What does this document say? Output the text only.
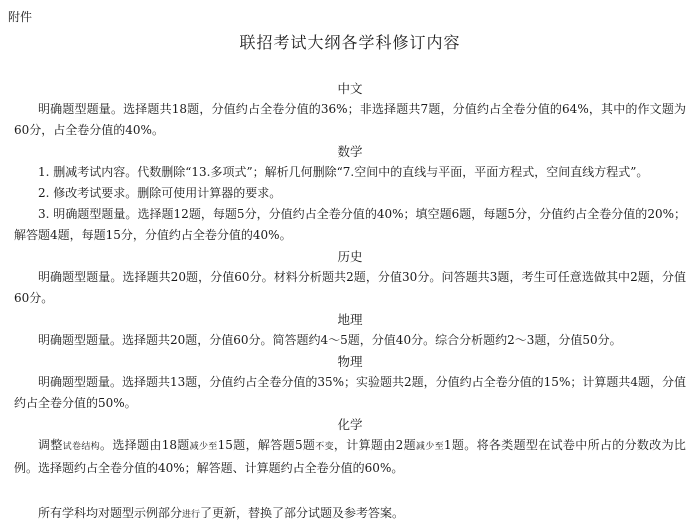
附件
联招考试大纲各学科修订内容
中文

明确题型题量。选择题共18题，分值约占全卷分值的36%；非选择题共7题，分值约占全卷分值的64%，其中的作文题为60分，占全卷分值的40%。

数学

1. 删减考试内容。代数删除“13.多项式”；解析几何删除“7.空间中的直线与平面，平面方程式，空间直线方程式”。

2. 修改考试要求。删除可使用计算器的要求。

3. 明确题型题量。选择题12题，每题5分，分值约占全卷分值的40%；填空题6题，每题5分，分值约占全卷分值的20%；解答题4题，每题15分，分值约占全卷分值的40%。

历史

明确题型题量。选择题共20题，分值60分。材料分析题共2题，分值30分。问答题共3题，考生可任意选做其中2题，分值60分。

地理

明确题型题量。选择题共20题，分值60分。简答题约4～5题，分值40分。综合分析题约2～3题，分值50分。

物理

明确题型题量。选择题共13题，分值约占全卷分值的35%；实验题共2题，分值约占全卷分值的15%；计算题共4题，分值约占全卷分值的50%。

化学

调整试卷结构。选择题由18题减少至15题，解答题5题不变，计算题由2题减少至1题。将各类题型在试卷中所占的分数改为比例。选择题约占全卷分值的40%；解答题、计算题约占全卷分值的60%。

所有学科均对题型示例部分进行了更新，替换了部分试题及参考答案。
